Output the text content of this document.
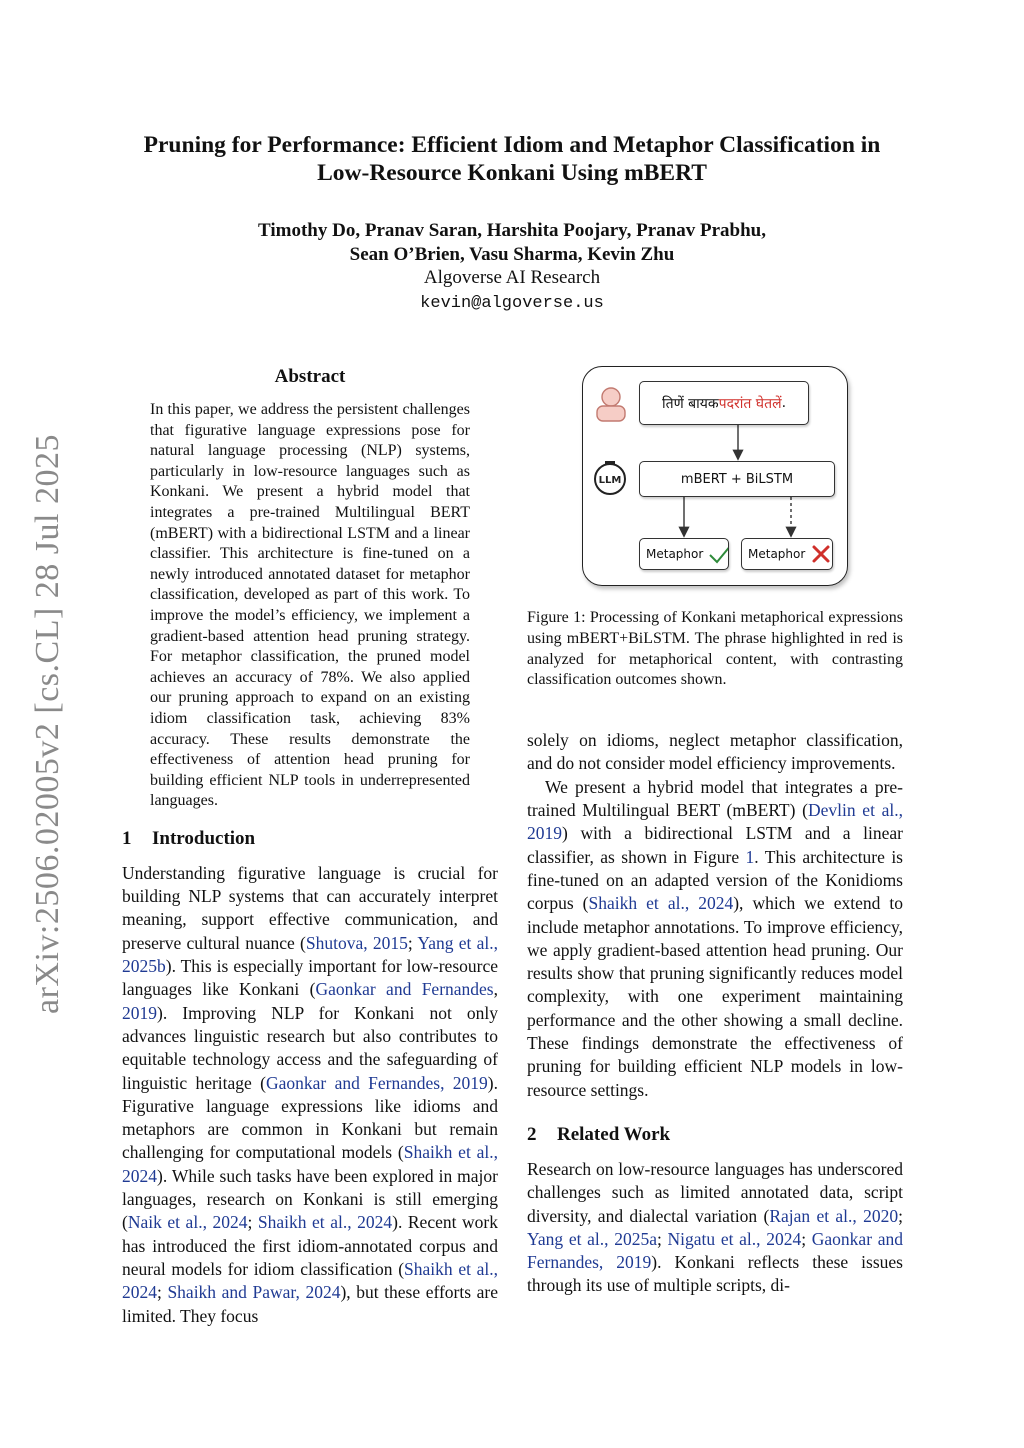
arXiv:2506.02005v2 [cs.CL] 28 Jul 2025
Pruning for Performance: Efficient Idiom and Metaphor Classification in
Low-Resource Konkani Using mBERT
Timothy Do, Pranav Saran, Harshita Poojary, Pranav Prabhu,
Sean O’Brien, Vasu Sharma, Kevin Zhu
Algoverse AI Research
kevin@algoverse.us
Abstract

In this paper, we address the persistent challenges that figurative language expressions pose for natural language processing (NLP) systems, particularly in low-resource languages such as Konkani. We present a hybrid model that integrates a pre-trained Multilingual BERT (mBERT) with a bidirectional LSTM and a linear classifier. This architecture is fine-tuned on a newly introduced annotated dataset for metaphor classification, developed as part of this work. To improve the model’s efficiency, we implement a gradient-based attention head pruning strategy. For metaphor classification, the pruned model achieves an accuracy of 78%. We also applied our pruning approach to expand on an existing idiom classification task, achieving 83% accuracy. These results demonstrate the effectiveness of attention head pruning for building efficient NLP tools in underrepresented languages.

1 Introduction

Understanding figurative language is crucial for building NLP systems that can accurately interpret meaning, support effective communication, and preserve cultural nuance (Shutova, 2015; Yang et al., 2025b). This is especially important for low-resource languages like Konkani (Gaonkar and Fernandes, 2019). Improving NLP for Konkani not only advances linguistic research but also contributes to equitable technology access and the safeguarding of linguistic heritage (Gaonkar and Fernandes, 2019). Figurative language expressions like idioms and metaphors are common in Konkani but remain challenging for computational models (Shaikh et al., 2024). While such tasks have been explored in major languages, research on Konkani is still emerging (Naik et al., 2024; Shaikh et al., 2024). Recent work has introduced the first idiom-annotated corpus and neural models for idiom classification (Shaikh et al., 2024; Shaikh and Pawar, 2024), but these efforts are limited. They focus

LLM
तिणें बायक पदरांत घेतलें .
mBERT + BiLSTM
Metaphor	Metaphor

Figure 1: Processing of Konkani metaphorical expressions using mBERT+BiLSTM. The phrase highlighted in red is analyzed for metaphorical content, with contrasting classification outcomes shown.

solely on idioms, neglect metaphor classification, and do not consider model efficiency improvements.

We present a hybrid model that integrates a pre-trained Multilingual BERT (mBERT) (Devlin et al., 2019) with a bidirectional LSTM and a linear classifier, as shown in Figure 1. This architecture is fine-tuned on an adapted version of the Konidioms corpus (Shaikh et al., 2024), which we extend to include metaphor annotations. To improve efficiency, we apply gradient-based attention head pruning. Our results show that pruning significantly reduces model complexity, with one experiment maintaining performance and the other showing a small decline. These findings demonstrate the effectiveness of pruning for building efficient NLP models in low-resource settings.

2 Related Work

Research on low-resource languages has underscored challenges such as limited annotated data, script diversity, and dialectal variation (Rajan et al., 2020; Yang et al., 2025a; Nigatu et al., 2024; Gaonkar and Fernandes, 2019). Konkani reflects these issues through its use of multiple scripts, di-
